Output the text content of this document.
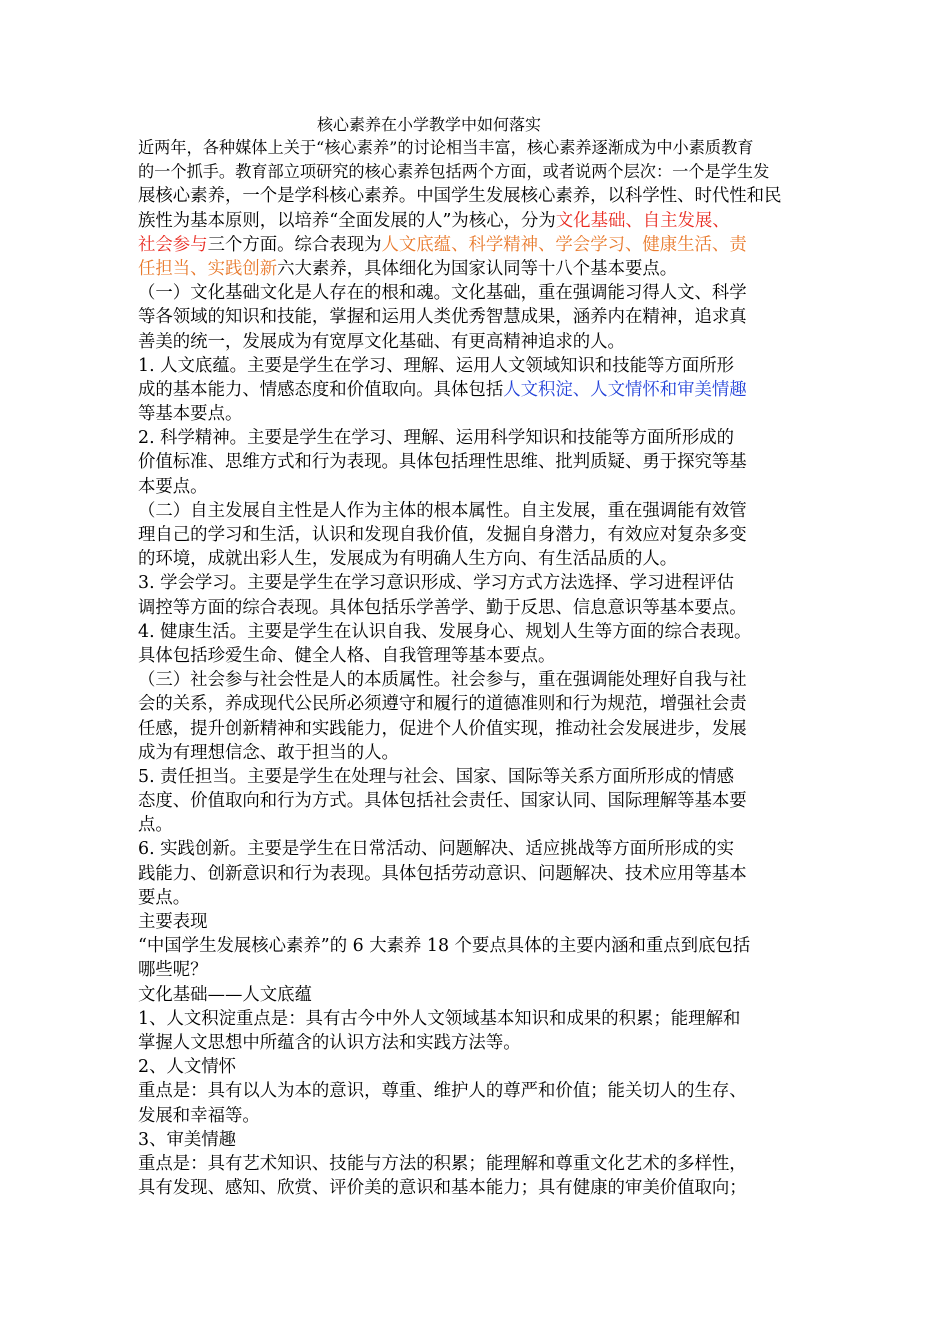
核心素养在小学教学中如何落实
近两年，各种媒体上关于“核心素养”的讨论相当丰富，核心素养逐渐成为中小素质教育
的一个抓手。教育部立项研究的核心素养包括两个方面，或者说两个层次：一个是学生发
展核心素养，一个是学科核心素养。中国学生发展核心素养，以科学性、时代性和民
族性为基本原则，以培养“全面发展的人”为核心，分为文化基础、自主发展、
社会参与三个方面。综合表现为人文底蕴、科学精神、学会学习、健康生活、责
任担当、实践创新六大素养，具体细化为国家认同等十八个基本要点。
（一）文化基础文化是人存在的根和魂。文化基础，重在强调能习得人文、科学
等各领域的知识和技能，掌握和运用人类优秀智慧成果，涵养内在精神，追求真
善美的统一，发展成为有宽厚文化基础、有更高精神追求的人。
1. 人文底蕴。主要是学生在学习、理解、运用人文领域知识和技能等方面所形
成的基本能力、情感态度和价值取向。具体包括人文积淀、人文情怀和审美情趣
等基本要点。
2. 科学精神。主要是学生在学习、理解、运用科学知识和技能等方面所形成的
价值标准、思维方式和行为表现。具体包括理性思维、批判质疑、勇于探究等基
本要点。
（二）自主发展自主性是人作为主体的根本属性。自主发展，重在强调能有效管
理自己的学习和生活，认识和发现自我价值，发掘自身潜力，有效应对复杂多变
的环境，成就出彩人生，发展成为有明确人生方向、有生活品质的人。
3. 学会学习。主要是学生在学习意识形成、学习方式方法选择、学习进程评估
调控等方面的综合表现。具体包括乐学善学、勤于反思、信息意识等基本要点。
4. 健康生活。主要是学生在认识自我、发展身心、规划人生等方面的综合表现。
具体包括珍爱生命、健全人格、自我管理等基本要点。
（三）社会参与社会性是人的本质属性。社会参与，重在强调能处理好自我与社
会的关系，养成现代公民所必须遵守和履行的道德准则和行为规范，增强社会责
任感，提升创新精神和实践能力，促进个人价值实现，推动社会发展进步，发展
成为有理想信念、敢于担当的人。
5. 责任担当。主要是学生在处理与社会、国家、国际等关系方面所形成的情感
态度、价值取向和行为方式。具体包括社会责任、国家认同、国际理解等基本要
点。
6. 实践创新。主要是学生在日常活动、问题解决、适应挑战等方面所形成的实
践能力、创新意识和行为表现。具体包括劳动意识、问题解决、技术应用等基本
要点。
主要表现
“中国学生发展核心素养”的 6 大素养 18 个要点具体的主要内涵和重点到底包括
哪些呢？
文化基础——人文底蕴
1、人文积淀重点是：具有古今中外人文领域基本知识和成果的积累；能理解和
掌握人文思想中所蕴含的认识方法和实践方法等。
2、人文情怀
重点是：具有以人为本的意识，尊重、维护人的尊严和价值；能关切人的生存、
发展和幸福等。
3、审美情趣
重点是：具有艺术知识、技能与方法的积累；能理解和尊重文化艺术的多样性，
具有发现、感知、欣赏、评价美的意识和基本能力；具有健康的审美价值取向；
